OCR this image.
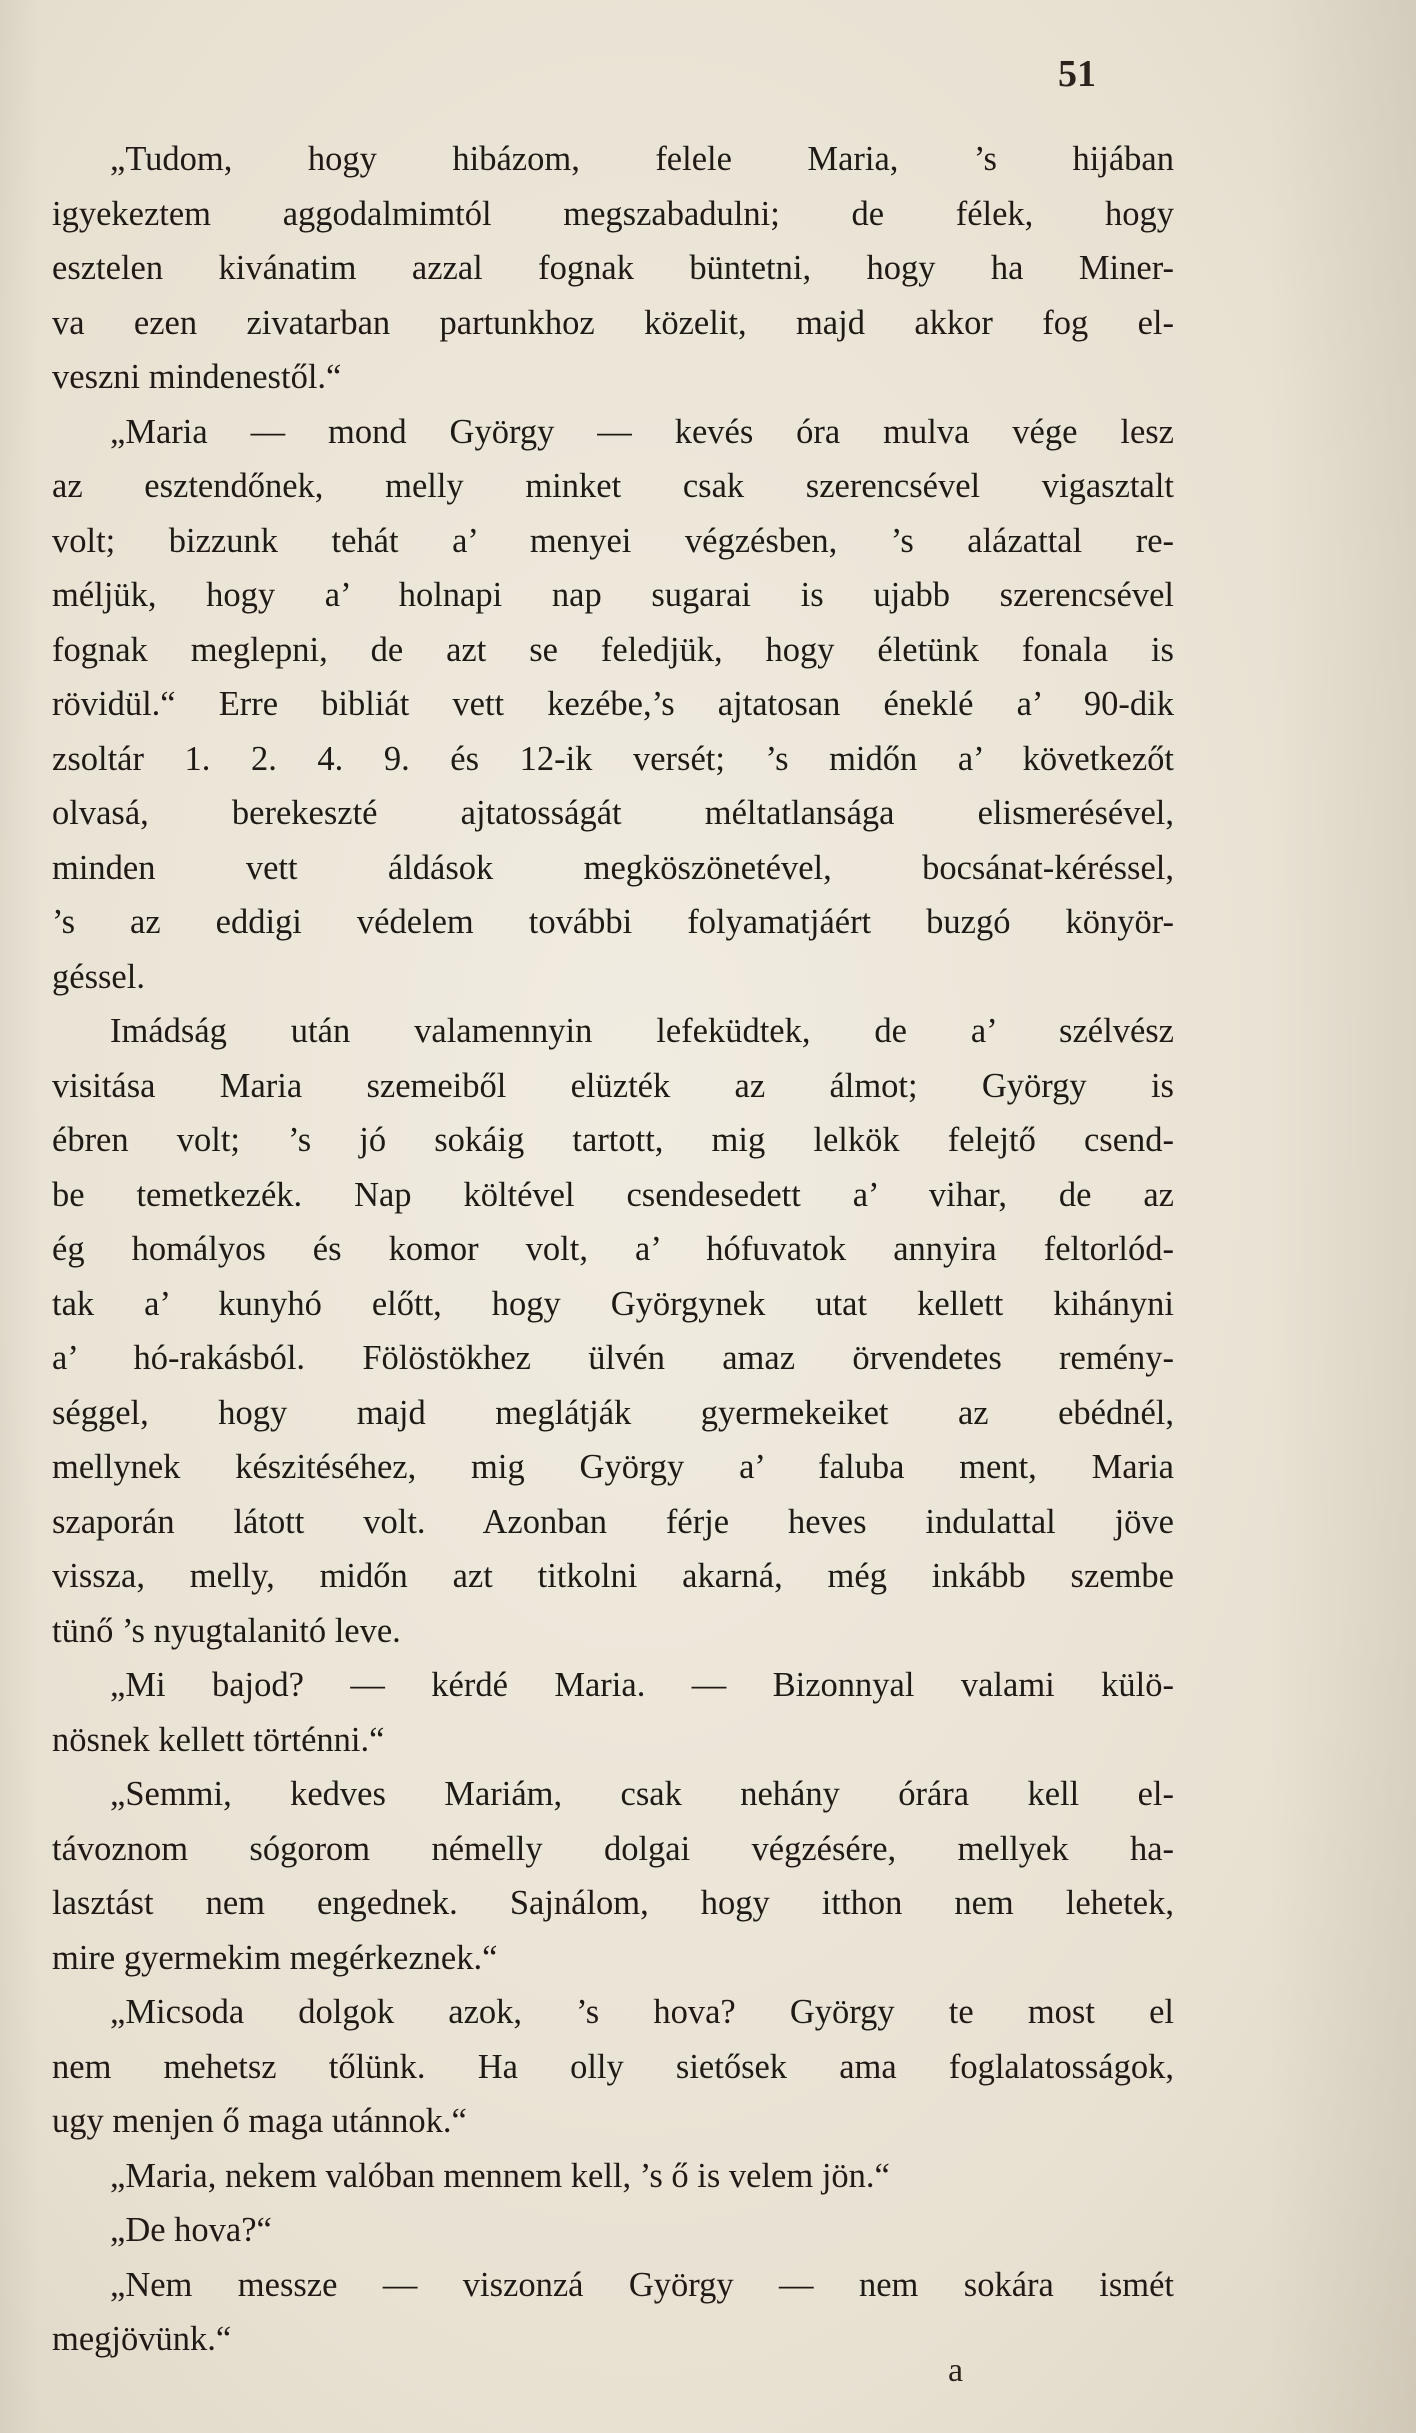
51
„Tudom, hogy hibázom, felele Maria, ’s hijában
igyekeztem aggodalmimtól megszabadulni; de félek, hogy
esztelen kivánatim azzal fognak büntetni, hogy ha Miner-
va ezen zivatarban partunkhoz közelit, majd akkor fog el-
veszni mindenestől.“
„Maria — mond György — kevés óra mulva vége lesz
az esztendőnek, melly minket csak szerencsével vigasztalt
volt; bizzunk tehát a’ menyei végzésben, ’s alázattal re-
méljük, hogy a’ holnapi nap sugarai is ujabb szerencsével
fognak meglepni, de azt se feledjük, hogy életünk fonala is
rövidül.“ Erre bibliát vett kezébe,’s ajtatosan éneklé a’ 90-dik
zsoltár 1. 2. 4. 9. és 12-ik versét; ’s midőn a’ következőt
olvasá, berekeszté ajtatosságát méltatlansága elismerésével,
minden vett áldások megköszönetével, bocsánat-kéréssel,
’s az eddigi védelem további folyamatjáért buzgó könyör-
géssel.
Imádság után valamennyin lefeküdtek, de a’ szélvész
visitása Maria szemeiből elüzték az álmot; György is
ébren volt; ’s jó sokáig tartott, mig lelkök felejtő csend-
be temetkezék. Nap költével csendesedett a’ vihar, de az
ég homályos és komor volt, a’ hófuvatok annyira feltorlód-
tak a’ kunyhó előtt, hogy Györgynek utat kellett kihányni
a’ hó-rakásból. Fölöstökhez ülvén amaz örvendetes remény-
séggel, hogy majd meglátják gyermekeiket az ebédnél,
mellynek készitéséhez, mig György a’ faluba ment, Maria
szaporán látott volt. Azonban férje heves indulattal jöve
vissza, melly, midőn azt titkolni akarná, még inkább szembe
tünő ’s nyugtalanitó leve.
„Mi bajod? — kérdé Maria. — Bizonnyal valami külö-
nösnek kellett történni.“
„Semmi, kedves Mariám, csak nehány órára kell el-
távoznom sógorom némelly dolgai végzésére, mellyek ha-
lasztást nem engednek. Sajnálom, hogy itthon nem lehetek,
mire gyermekim megérkeznek.“
„Micsoda dolgok azok, ’s hova? György te most el
nem mehetsz tőlünk. Ha olly sietősek ama foglalatosságok,
ugy menjen ő maga utánnok.“
„Maria, nekem valóban mennem kell, ’s ő is velem jön.“
„De hova?“
„Nem messze — viszonzá György — nem sokára ismét
megjövünk.“
a
